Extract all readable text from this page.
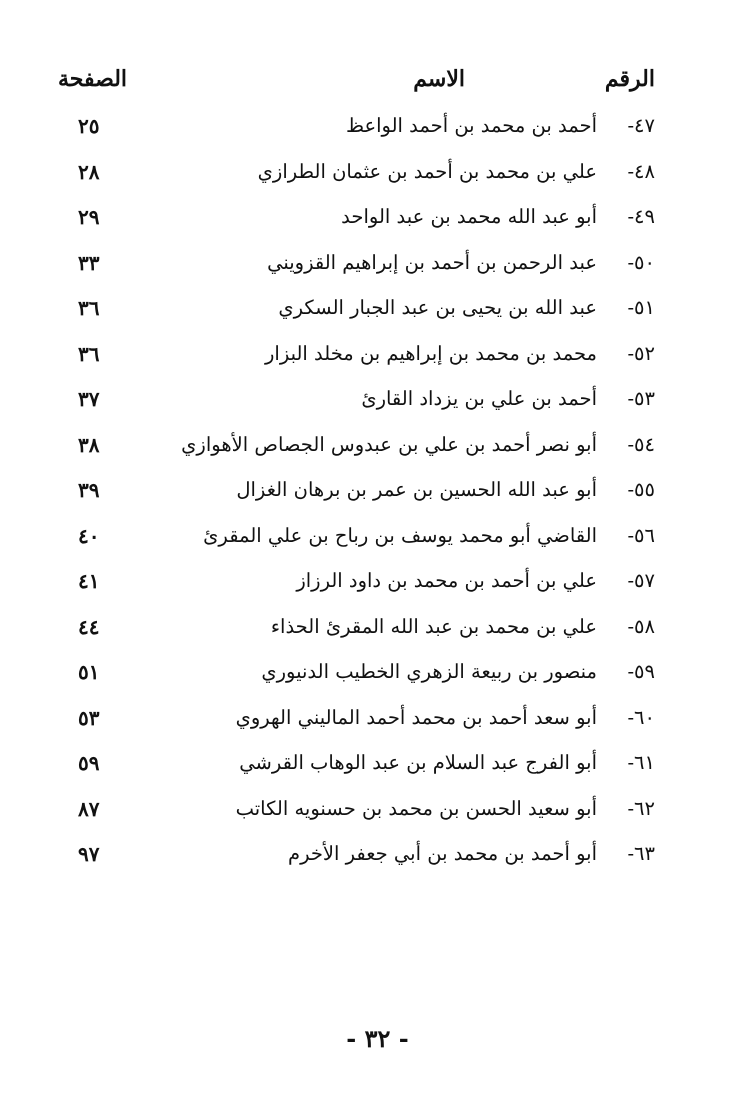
الرقم
الاسم
الصفحة
٤٧-
أحمد بن محمد بن أحمد الواعظ
٢٥
٤٨-
علي بن محمد بن أحمد بن عثمان الطرازي
٢٨
٤٩-
أبو عبد الله محمد بن عبد الواحد
٢٩
٥٠-
عبد الرحمن بن أحمد بن إبراهيم القزويني
٣٣
٥١-
عبد الله بن يحيى بن عبد الجبار السكري
٣٦
٥٢-
محمد بن محمد بن إبراهيم بن مخلد البزار
٣٦
٥٣-
أحمد بن علي بن يزداد القارئ
٣٧
٥٤-
أبو نصر أحمد بن علي بن عبدوس الجصاص الأهوازي
٣٨
٥٥-
أبو عبد الله الحسين بن عمر بن برهان الغزال
٣٩
٥٦-
القاضي أبو محمد يوسف بن رباح بن علي المقرئ
٤٠
٥٧-
علي بن أحمد بن محمد بن داود الرزاز
٤١
٥٨-
علي بن محمد بن عبد الله المقرئ الحذاء
٤٤
٥٩-
منصور بن ربيعة الزهري الخطيب الدنيوري
٥١
٦٠-
أبو سعد أحمد بن محمد أحمد الماليني الهروي
٥٣
٦١-
أبو الفرج عبد السلام بن عبد الوهاب القرشي
٥٩
٦٢-
أبو سعيد الحسن بن محمد بن حسنويه الكاتب
٨٧
٦٣-
أبو أحمد بن محمد بن أبي جعفر الأخرم
٩٧
- ٣٢ -
